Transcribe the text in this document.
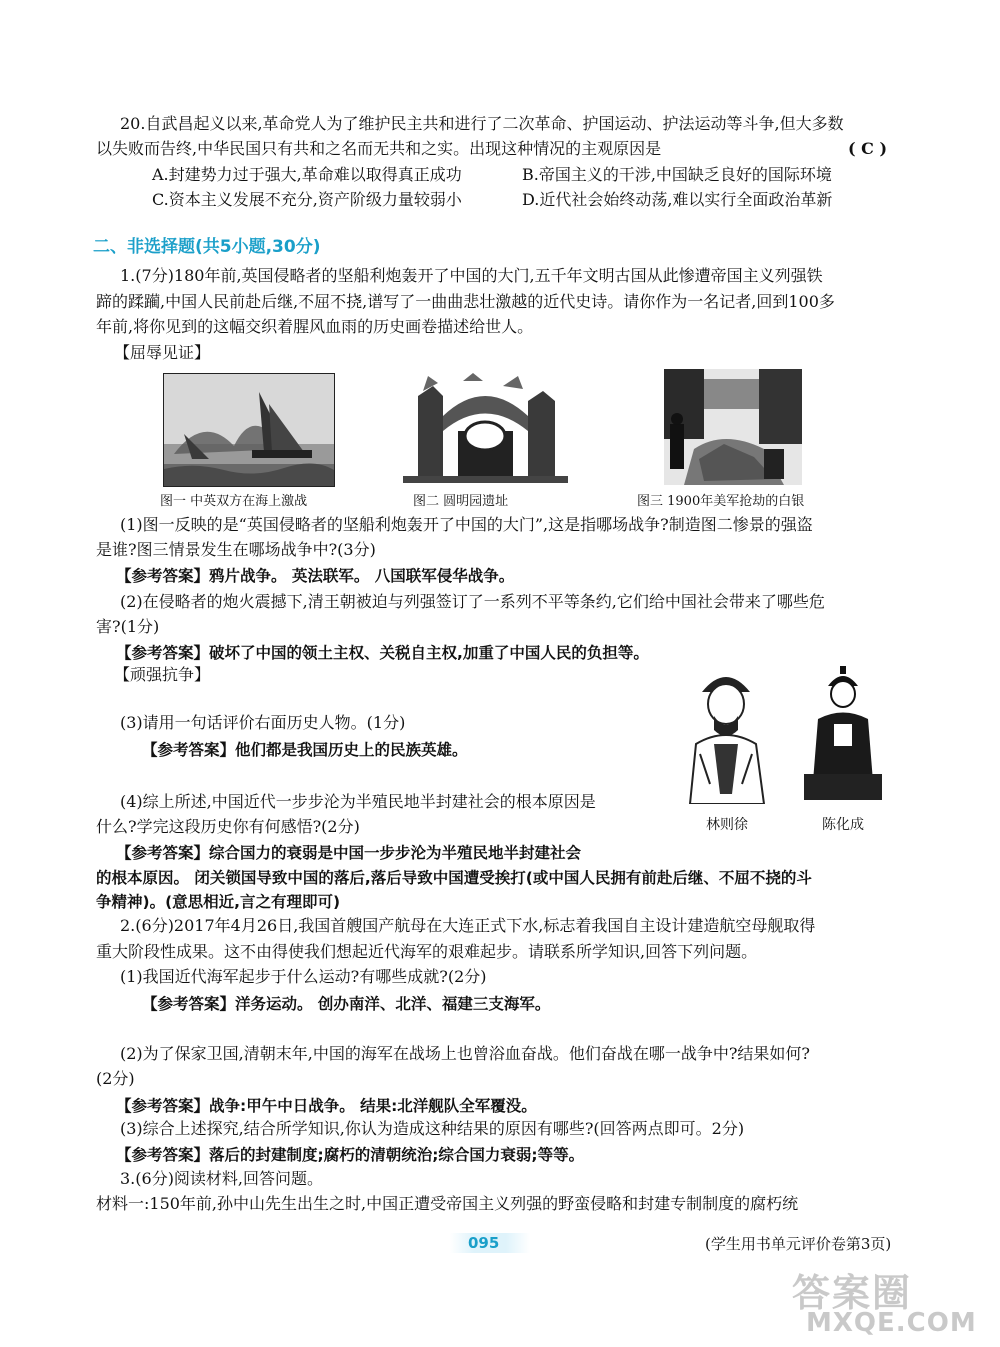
20.自武昌起义以来,革命党人为了维护民主共和进行了二次革命、护国运动、护法运动等斗争,但大多数
以失败而告终,中华民国只有共和之名而无共和之实。出现这种情况的主观原因是	( C )
A.封建势力过于强大,革命难以取得真正成功	B.帝国主义的干涉,中国缺乏良好的国际环境
C.资本主义发展不充分,资产阶级力量较弱小	D.近代社会始终动荡,难以实行全面政治革新
二、非选择题(共5小题,30分)
1.(7分)180年前,英国侵略者的坚船利炮轰开了中国的大门,五千年文明古国从此惨遭帝国主义列强铁
蹄的蹂躏,中国人民前赴后继,不屈不挠,谱写了一曲曲悲壮激越的近代史诗。请你作为一名记者,回到100多
年前,将你见到的这幅交织着腥风血雨的历史画卷描述给世人。
【屈辱见证】
图一 中英双方在海上激战	图二 圆明园遗址	图三 1900年美军抢劫的白银
(1)图一反映的是“英国侵略者的坚船利炮轰开了中国的大门”,这是指哪场战争?制造图二惨景的强盗
是谁?图三情景发生在哪场战争中?(3分)
【参考答案】鸦片战争。 英法联军。 八国联军侵华战争。
(2)在侵略者的炮火震撼下,清王朝被迫与列强签订了一系列不平等条约,它们给中国社会带来了哪些危
害?(1分)
【参考答案】破坏了中国的领土主权、关税自主权,加重了中国人民的负担等。
【顽强抗争】
(3)请用一句话评价右面历史人物。(1分)
【参考答案】他们都是我国历史上的民族英雄。
(4)综上所述,中国近代一步步沦为半殖民地半封建社会的根本原因是
什么?学完这段历史你有何感悟?(2分)	林则徐	陈化成
【参考答案】综合国力的衰弱是中国一步步沦为半殖民地半封建社会
的根本原因。 闭关锁国导致中国的落后,落后导致中国遭受挨打(或中国人民拥有前赴后继、不屈不挠的斗
争精神)。(意思相近,言之有理即可)
2.(6分)2017年4月26日,我国首艘国产航母在大连正式下水,标志着我国自主设计建造航空母舰取得
重大阶段性成果。这不由得使我们想起近代海军的艰难起步。请联系所学知识,回答下列问题。
(1)我国近代海军起步于什么运动?有哪些成就?(2分)
【参考答案】洋务运动。 创办南洋、北洋、福建三支海军。
(2)为了保家卫国,清朝末年,中国的海军在战场上也曾浴血奋战。他们奋战在哪一战争中?结果如何?
(2分)
【参考答案】战争:甲午中日战争。 结果:北洋舰队全军覆没。
(3)综合上述探究,结合所学知识,你认为造成这种结果的原因有哪些?(回答两点即可。2分)
【参考答案】落后的封建制度;腐朽的清朝统治;综合国力衰弱;等等。
3.(6分)阅读材料,回答问题。
材料一:150年前,孙中山先生出生之时,中国正遭受帝国主义列强的野蛮侵略和封建专制制度的腐朽统
095	(学生用书单元评价卷第3页)
答案圈
MXQE.COM
